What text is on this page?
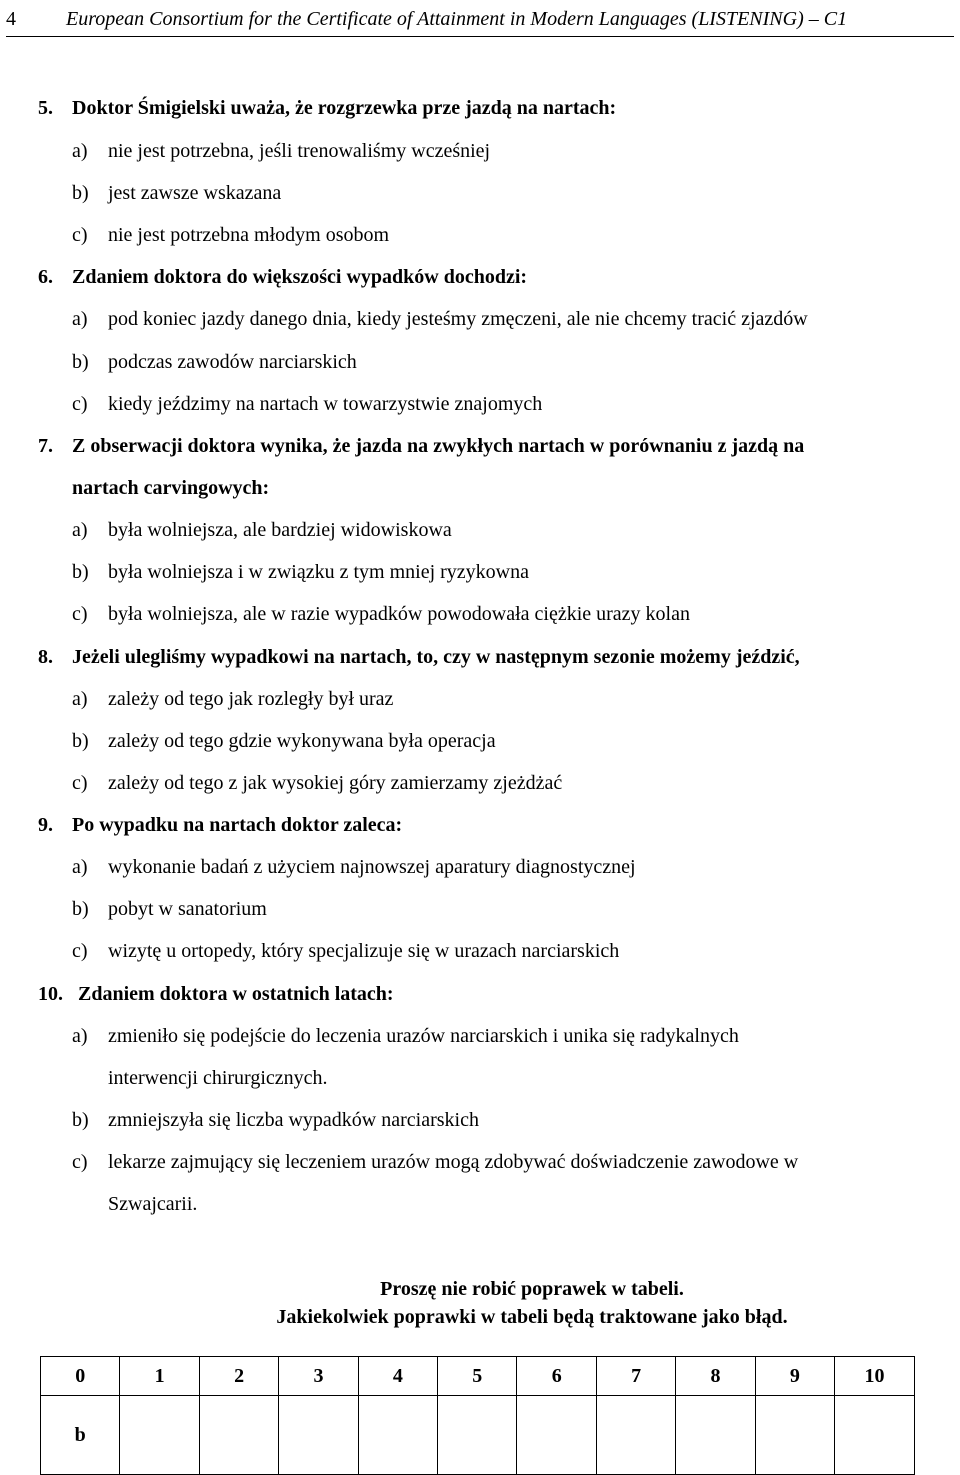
4	European Consortium for the Certificate of Attainment in Modern Languages (LISTENING) – C1
5. Doktor Śmigielski uważa, że rozgrzewka prze jazdą na nartach:
a) nie jest potrzebna, jeśli trenowaliśmy wcześniej
b) jest zawsze wskazana
c) nie jest potrzebna młodym osobom
6. Zdaniem doktora do większości wypadków dochodzi:
a) pod koniec jazdy danego dnia, kiedy jesteśmy zmęczeni, ale nie chcemy tracić zjazdów
b) podczas zawodów narciarskich
c) kiedy jeździmy na nartach w towarzystwie znajomych
7. Z obserwacji doktora wynika, że jazda na zwykłych nartach w porównaniu z jazdą na
nartach carvingowych:
a) była wolniejsza, ale bardziej widowiskowa
b) była wolniejsza i w związku z tym mniej ryzykowna
c) była wolniejsza, ale w razie wypadków powodowała ciężkie urazy kolan
8. Jeżeli ulegliśmy wypadkowi na nartach, to, czy w następnym sezonie możemy jeździć,
a) zależy od tego jak rozległy był uraz
b) zależy od tego gdzie wykonywana była operacja
c) zależy od tego z jak wysokiej góry zamierzamy zjeżdżać
9. Po wypadku na nartach doktor zaleca:
a) wykonanie badań z użyciem najnowszej aparatury diagnostycznej
b) pobyt w sanatorium
c) wizytę u ortopedy, który specjalizuje się w urazach narciarskich
10. Zdaniem doktora w ostatnich latach:
a) zmieniło się podejście do leczenia urazów narciarskich i unika się radykalnych
interwencji chirurgicznych.
b) zmniejszyła się liczba wypadków narciarskich
c) lekarze zajmujący się leczeniem urazów mogą zdobywać doświadczenie zawodowe w
Szwajcarii.
Proszę nie robić poprawek w tabeli.
Jakiekolwiek poprawki w tabeli będą traktowane jako błąd.
0	1	2	3	4	5	6	7	8	9	10
b										
